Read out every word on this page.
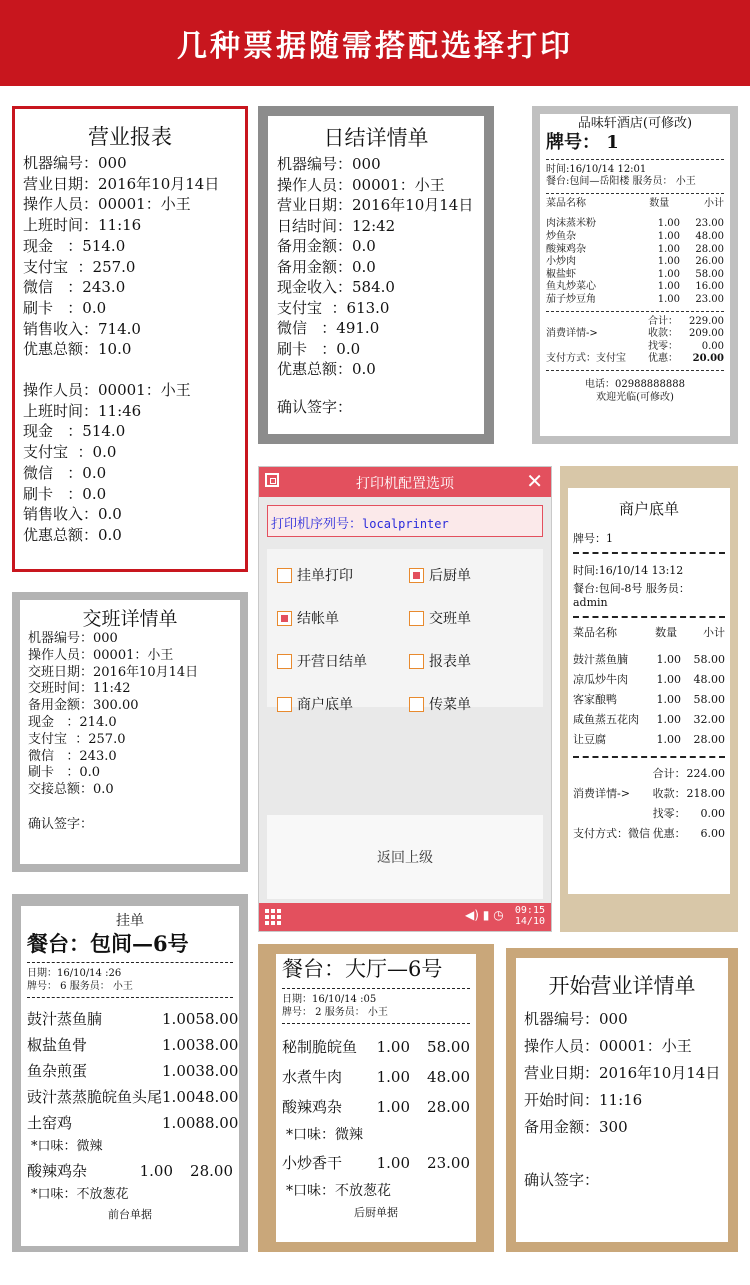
几种票据随需搭配选择打印
营业报表
机器编号：000
营业日期：2016年10月14日
操作人员：00001：小王
上班时间：11:16
现金   ：514.0
支付宝  ：257.0
微信   ：243.0
刷卡   ：0.0
销售收入：714.0
优惠总额：10.0
操作人员：00001：小王
上班时间：11:46
现金   ：514.0
支付宝  ：0.0
微信   ：0.0
刷卡   ：0.0
销售收入：0.0
优惠总额：0.0
日结详情单
机器编号：000
操作人员：00001：小王
营业日期：2016年10月14日
日结时间：12:42
备用金额：0.0
备用金额：0.0
现金收入：584.0
支付宝  ：613.0
微信   ：491.0
刷卡   ：0.0
优惠总额：0.0
确认签字：
品味轩酒店(可修改)
牌号： 1
时间:16/10/14 12:01
餐台:包间—岳阳楼 服务员： 小王
菜品名称	数量	小计
肉沫蒸米粉	1.00	23.00
炒鱼杂	1.00	48.00
酸辣鸡杂	1.00	28.00
小炒肉	1.00	26.00
椒盐虾	1.00	58.00
鱼丸炒菜心	1.00	16.00
茄子炒豆角	1.00	23.00
	合计：	229.00
消费详情->	收款：	209.00
	找零：	0.00
支付方式：支付宝	优惠：	20.00
电话：02988888888
欢迎光临(可修改)
交班详情单
机器编号：000
操作人员：00001：小王
交班日期：2016年10月14日
交班时间：11:42
备用金额：300.00
现金   ：214.0
支付宝  ：257.0
微信   ：243.0
刷卡   ：0.0
交接总额：0.0
确认签字：
打印机配置选项	✕
打印机序列号：localprinter
挂单打印	后厨单
结帐单	交班单
开营日结单	报表单
商户底单	传菜单
返回上级
◀) ▮ ◷ 09:15
14/10
商户底单
牌号：1
时间:16/10/14 13:12
餐台:包间-8号 服务员： admin
菜品名称	数量	小计
鼓汁蒸鱼腩	1.00	58.00
凉瓜炒牛肉	1.00	48.00
客家酿鸭	1.00	58.00
咸鱼蒸五花肉	1.00	32.00
让豆腐	1.00	28.00
	合计：	224.00
消费详情->	收款：	218.00
	找零：	0.00
支付方式：微信	优惠：	6.00
挂单
餐台：包间—6号
日期：16/10/14 :26
牌号： 6 服务员： 小王
鼓汁蒸鱼腩	1.00	58.00
椒盐鱼骨	1.00	38.00
鱼杂煎蛋	1.00	38.00
豉汁蒸蒸脆皖鱼头尾	1.00	48.00
土窑鸡	1.00	88.00
*口味：微辣
酸辣鸡杂	1.00	28.00
*口味：不放葱花
前台单据
餐台：大厅—6号
日期：16/10/14 :05
牌号： 2 服务员： 小王
秘制脆皖鱼	1.00	58.00
水煮牛肉	1.00	48.00
酸辣鸡杂	1.00	28.00
*口味：微辣
小炒香干	1.00	23.00
*口味：不放葱花
后厨单据
开始营业详情单
机器编号：000
操作人员：00001：小王
营业日期：2016年10月14日
开始时间：11:16
备用金额：300
确认签字：
